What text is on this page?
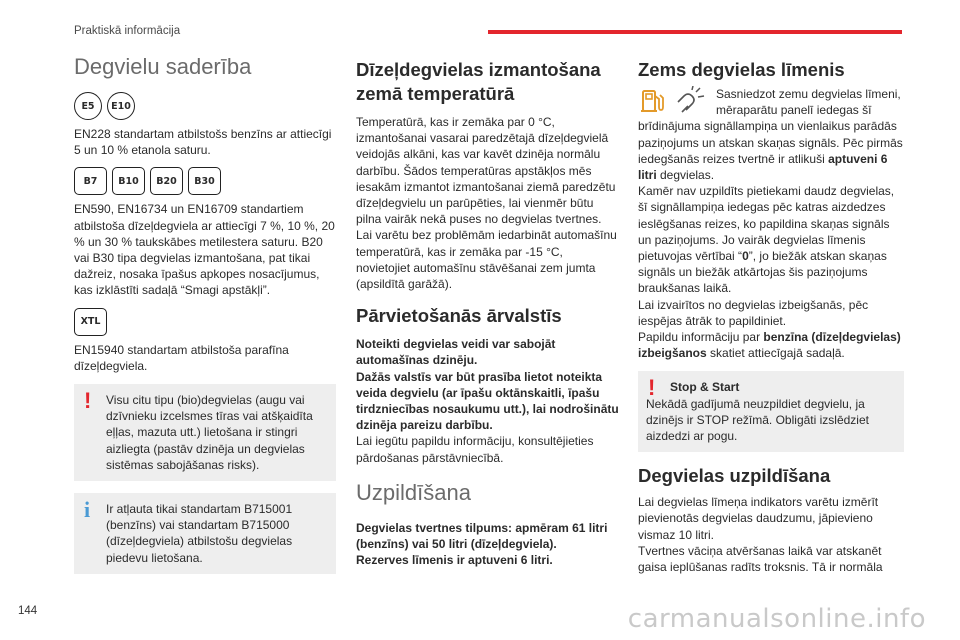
Praktiskā informācija
Degvielu saderība
E5	E10

EN228 standartam atbilstošs benzīns ar attiecīgi 5 un 10 % etanola saturu.

B7	B10	B20	B30

EN590, EN16734 un EN16709 standartiem atbilstoša dīzeļdegviela ar attiecīgi 7 %, 10 %, 20 % un 30 % taukskābes metilestera saturu. B20 vai B30 tipa degvielas izmantošana, pat tikai dažreiz, nosaka īpašus apkopes nosacījumus, kas izklāstīti sadaļā “Smagi apstākļi”.

XTL

EN15940 standartam atbilstoša parafīna dīzeļdegviela.

!	Visu citu tipu (bio)degvielas (augu vai dzīvnieku izcelsmes tīras vai atšķaidīta eļļas, mazuta utt.) lietošana ir stingri aizliegta (pastāv dzinēja un degvielas sistēmas sabojāšanas risks).

i	Ir atļauta tikai standartam B715001 (benzīns) vai standartam B715000 (dīzeļdegviela) atbilstošu degvielas piedevu lietošana.

Dīzeļdegvielas izmantošana zemā temperatūrā

Temperatūrā, kas ir zemāka par 0 °C, izmantošanai vasarai paredzētajā dīzeļdegvielā veidojās alkāni, kas var kavēt dzinēja normālu darbību. Šādos temperatūras apstākļos mēs iesakām izmantot izmantošanai ziemā paredzētu dīzeļdegvielu un parūpēties, lai vienmēr būtu pilna vairāk nekā puses no degvielas tvertnes. Lai varētu bez problēmām iedarbināt automašīnu temperatūrā, kas ir zemāka par -15 °C, novietojiet automašīnu stāvēšanai zem jumta (apsildītā garāžā).

Pārvietošanās ārvalstīs

Noteikti degvielas veidi var sabojāt automašīnas dzinēju.

Dažās valstīs var būt prasība lietot noteikta veida degvielu (ar īpašu oktānskaitli, īpašu tirdzniecības nosaukumu utt.), lai nodrošinātu dzinēja pareizu darbību.

Lai iegūtu papildu informāciju, konsultējieties pārdošanas pārstāvniecībā.

Uzpildīšana

Degvielas tvertnes tilpums: apmēram 61 litri (benzīns) vai 50 litri (dīzeļdegviela).

Rezerves līmenis ir aptuveni 6 litri.

Zems degvielas līmenis

Sasniedzot zemu degvielas līmeni, mēraparātu panelī iedegas šī brīdinājuma signāllampiņa un vienlaikus parādās paziņojums un atskan skaņas signāls. Pēc pirmās iedegšanās reizes tvertnē ir atlikuši aptuveni 6 litri degvielas.

Kamēr nav uzpildīts pietiekami daudz degvielas, šī signāllampiņa iedegas pēc katras aizdedzes ieslēgšanas reizes, ko papildina skaņas signāls un paziņojums. Jo vairāk degvielas līmenis pietuvojas vērtībai “0”, jo biežāk atskan skaņas signāls un biežāk atkārtojas šis paziņojums braukšanas laikā.

Lai izvairītos no degvielas izbeigšanās, pēc iespējas ātrāk to papildiniet.

Papildu informāciju par benzīna (dīzeļdegvielas) izbeigšanos skatiet attiecīgajā sadaļā.

!	Stop & Start

Nekādā gadījumā neuzpildiet degvielu, ja dzinējs ir STOP režīmā. Obligāti izslēdziet aizdedzi ar pogu.

Degvielas uzpildīšana

Lai degvielas līmeņa indikators varētu izmērīt pievienotās degvielas daudzumu, jāpievieno vismaz 10 litri.

Tvertnes vāciņa atvēršanas laikā var atskanēt gaisa ieplūšanas radīts troksnis. Tā ir normāla

144	carmanualsonline.info
